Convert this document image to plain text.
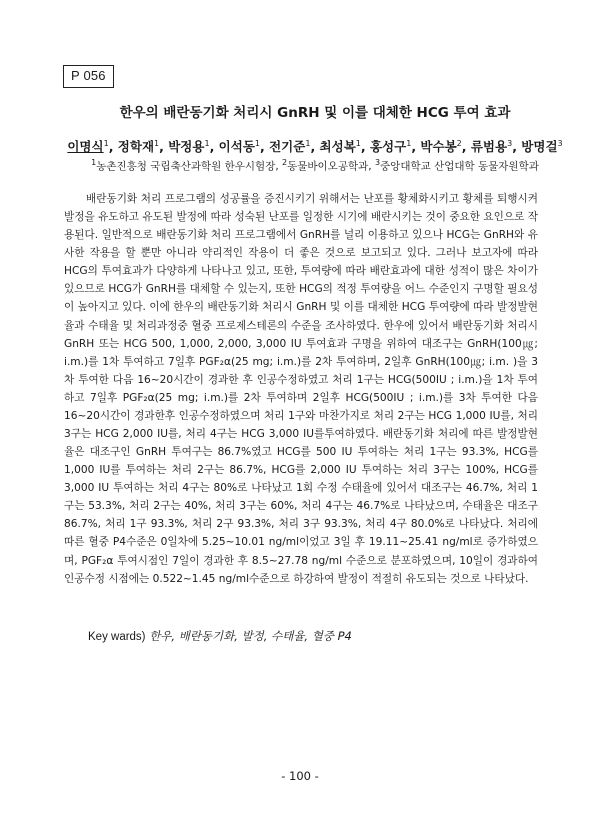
P 056
한우의 배란동기화 처리시 GnRH 및 이를 대체한 HCG 투여 효과
이명식$^1$, 정학재$^1$, 박정용$^1$, 이석동$^1$, 전기준$^1$, 최성복$^1$, 홍성구$^1$, 박수봉$^2$, 류범용$^3$, 방명걸$^3$
$^1$농촌진흥청 국립축산과학원 한우시험장, $^2$동물바이오공학과, $^3$중앙대학교 산업대학 동물자원학과

배란동기화 처리 프로그램의 성공률을 증진시키기 위해서는 난포를 황체화시키고 황체를 퇴행시켜 발정을 유도하고 유도된 발정에 따라 성숙된 난포를 일정한 시기에 배란시키는 것이 중요한 요인으로 작용된다. 일반적으로 배란동기화 처리 프로그램에서 GnRH를 널리 이용하고 있으나 HCG는 GnRH와 유사한 작용을 할 뿐만 아니라 약리적인 작용이 더 좋은 것으로 보고되고 있다. 그러나 보고자에 따라 HCG의 투여효과가 다양하게 나타나고 있고, 또한, 투여량에 따라 배란효과에 대한 성적이 많은 차이가 있으므로 HCG가 GnRH를 대체할 수 있는지, 또한 HCG의 적정 투여량을 어느 수준인지 구명할 필요성이 높아지고 있다. 이에 한우의 배란동기화 처리시 GnRH 및 이를 대체한 HCG 투여량에 따라 발정발현율과 수태율 및 처리과정중 혈중 프로제스테론의 수준을 조사하였다. 한우에 있어서 배란동기화 처리시 GnRH 또는 HCG 500, 1,000, 2,000, 3,000 IU 투여효과 구명을 위하여 대조구는 GnRH(100㎍; i.m.)를 1차 투여하고 7일후 PGF₂α(25 mg; i.m.)를 2차 투여하며, 2일후 GnRH(100㎍; i.m. )을 3차 투여한 다음 16~20시간이 경과한 후 인공수정하였고 처리 1구는 HCG(500IU ; i.m.)을 1차 투여하고 7일후 PGF₂α(25 mg; i.m.)를 2차 투여하며 2일후 HCG(500IU ; i.m.)를 3차 투여한 다음 16~20시간이 경과한후 인공수정하였으며 처리 1구와 마찬가지로 처리 2구는 HCG 1,000 IU를, 처리 3구는 HCG 2,000 IU를, 처리 4구는 HCG 3,000 IU를투여하였다. 배란동기화 처리에 따른 발정발현율은 대조구인 GnRH 투여구는 86.7%였고 HCG를 500 IU 투여하는 처리 1구는 93.3%, HCG를 1,000 IU를 투여하는 처리 2구는 86.7%, HCG를 2,000 IU 투여하는 처리 3구는 100%, HCG를 3,000 IU 투여하는 처리 4구는 80%로 나타났고 1회 수정 수태율에 있어서 대조구는 46.7%, 처리 1구는 53.3%, 처리 2구는 40%, 처리 3구는 60%, 처리 4구는 46.7%로 나타났으며, 수태율은 대조구 86.7%, 처리 1구 93.3%, 처리 2구 93.3%, 처리 3구 93.3%, 처리 4구 80.0%로 나타났다. 처리에 따른 혈중 P4수준은 0일차에 5.25~10.01 ng/ml이었고 3일 후 19.11~25.41 ng/ml로 증가하였으며, PGF₂α 투여시점인 7일이 경과한 후 8.5~27.78 ng/ml 수준으로 분포하였으며, 10일이 경과하여 인공수정 시점에는 0.522~1.45 ng/ml수준으로 하강하여 발정이 적절히 유도되는 것으로 나타났다.

Key wards) 한우, 배란동기화, 발정, 수태율, 혈중 P4
- 100 -
